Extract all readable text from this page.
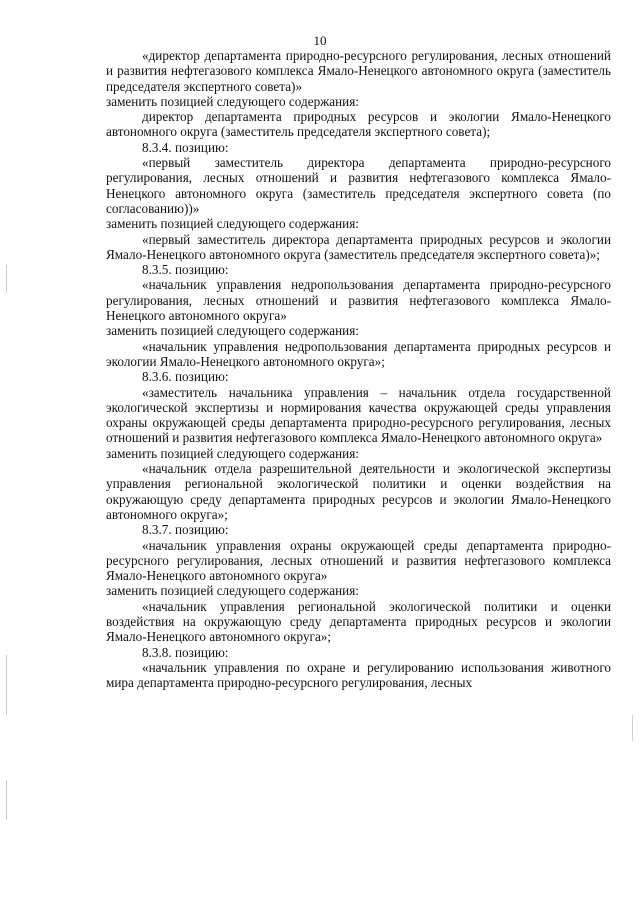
10

«директор департамента природно-ресурсного регулирования, лесных отношений и развития нефтегазового комплекса Ямало-Ненецкого автономного округа (заместитель председателя экспертного совета)»

заменить позицией следующего содержания:

директор департамента природных ресурсов и экологии Ямало-Ненецкого автономного округа (заместитель председателя экспертного совета);

8.3.4. позицию:

«первый заместитель директора департамента природно-ресурсного регулирования, лесных отношений и развития нефтегазового комплекса Ямало-Ненецкого автономного округа (заместитель председателя экспертного совета (по согласованию))»

заменить позицией следующего содержания:

«первый заместитель директора департамента природных ресурсов и экологии Ямало-Ненецкого автономного округа (заместитель председателя экспертного совета)»;

8.3.5. позицию:

«начальник управления недропользования департамента природно-ресурсного регулирования, лесных отношений и развития нефтегазового комплекса Ямало-Ненецкого автономного округа»

заменить позицией следующего содержания:

«начальник управления недропользования департамента природных ресурсов и экологии Ямало-Ненецкого автономного округа»;

8.3.6. позицию:

«заместитель начальника управления – начальник отдела государственной экологической экспертизы и нормирования качества окружающей среды управления охраны окружающей среды департамента природно-ресурсного регулирования, лесных отношений и развития нефтегазового комплекса Ямало-Ненецкого автономного округа»

заменить позицией следующего содержания:

«начальник отдела разрешительной деятельности и экологической экспертизы управления региональной экологической политики и оценки воздействия на окружающую среду департамента природных ресурсов и экологии Ямало-Ненецкого автономного округа»;

8.3.7. позицию:

«начальник управления охраны окружающей среды департамента природно-ресурсного регулирования, лесных отношений и развития нефтегазового комплекса Ямало-Ненецкого автономного округа»

заменить позицией следующего содержания:

«начальник управления региональной экологической политики и оценки воздействия на окружающую среду департамента природных ресурсов и экологии Ямало-Ненецкого автономного округа»;

8.3.8. позицию:

«начальник управления по охране и регулированию использования животного мира департамента природно-ресурсного регулирования, лесных
